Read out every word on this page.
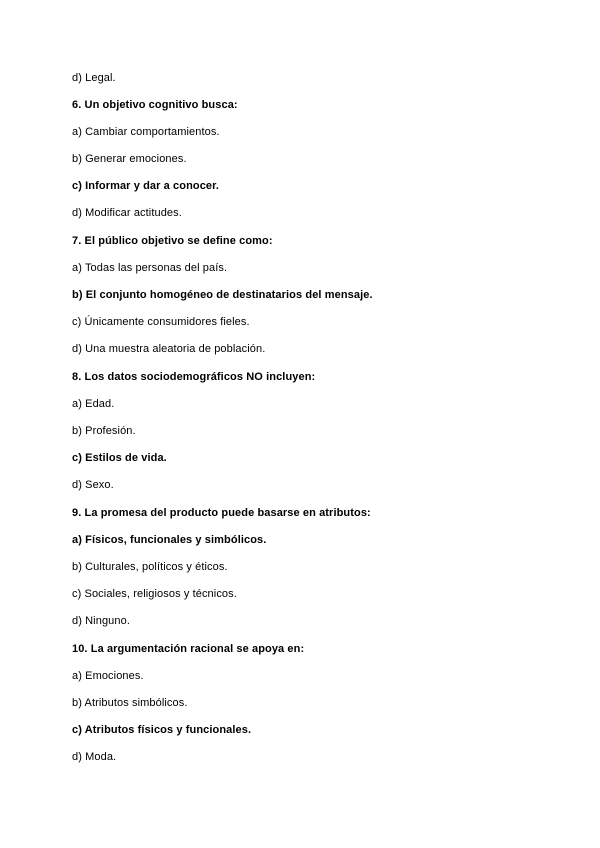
d) Legal.
6. Un objetivo cognitivo busca:
a) Cambiar comportamientos.
b) Generar emociones.
c) Informar y dar a conocer.
d) Modificar actitudes.
7. El público objetivo se define como:
a) Todas las personas del país.
b) El conjunto homogéneo de destinatarios del mensaje.
c) Únicamente consumidores fieles.
d) Una muestra aleatoria de población.
8. Los datos sociodemográficos NO incluyen:
a) Edad.
b) Profesión.
c) Estilos de vida.
d) Sexo.
9. La promesa del producto puede basarse en atributos:
a) Físicos, funcionales y simbólicos.
b) Culturales, políticos y éticos.
c) Sociales, religiosos y técnicos.
d) Ninguno.
10. La argumentación racional se apoya en:
a) Emociones.
b) Atributos simbólicos.
c) Atributos físicos y funcionales.
d) Moda.
